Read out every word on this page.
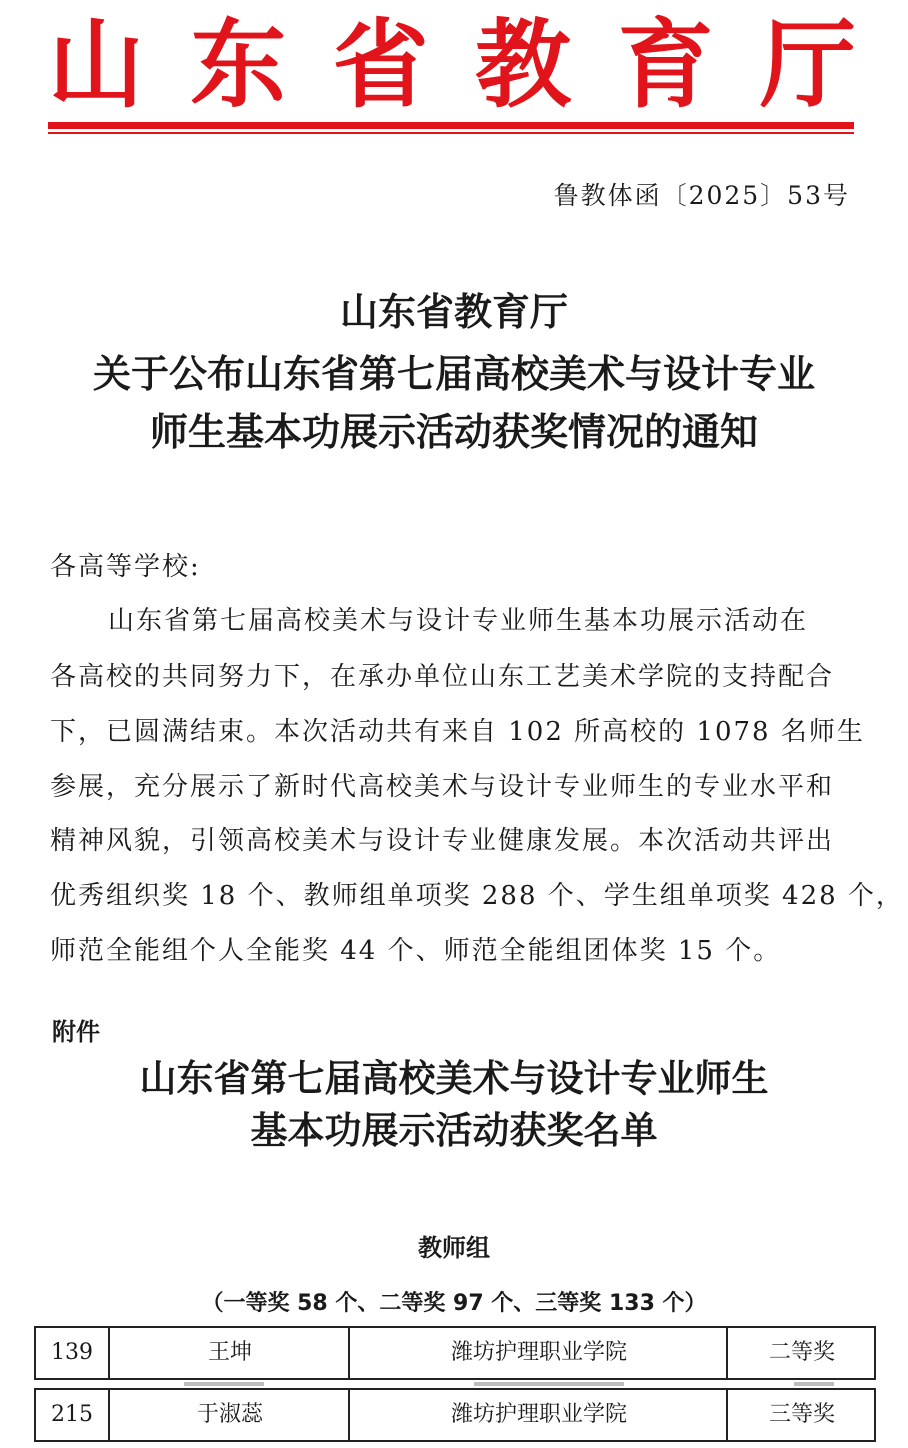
山 东 省 教 育 厅
鲁教体函〔2025〕53号
山东省教育厅
关于公布山东省第七届高校美术与设计专业
师生基本功展示活动获奖情况的通知
各高等学校:
山东省第七届高校美术与设计专业师生基本功展示活动在
各高校的共同努力下，在承办单位山东工艺美术学院的支持配合
下，已圆满结束。本次活动共有来自 102 所高校的 1078 名师生
参展，充分展示了新时代高校美术与设计专业师生的专业水平和
精神风貌，引领高校美术与设计专业健康发展。本次活动共评出
优秀组织奖 18 个、教师组单项奖 288 个、学生组单项奖 428 个，
师范全能组个人全能奖 44 个、师范全能组团体奖 15 个。
附件
山东省第七届高校美术与设计专业师生
基本功展示活动获奖名单
教师组
（一等奖 58 个、二等奖 97 个、三等奖 133 个）
139	王坤	潍坊护理职业学院	二等奖
215	于淑蕊	潍坊护理职业学院	三等奖
